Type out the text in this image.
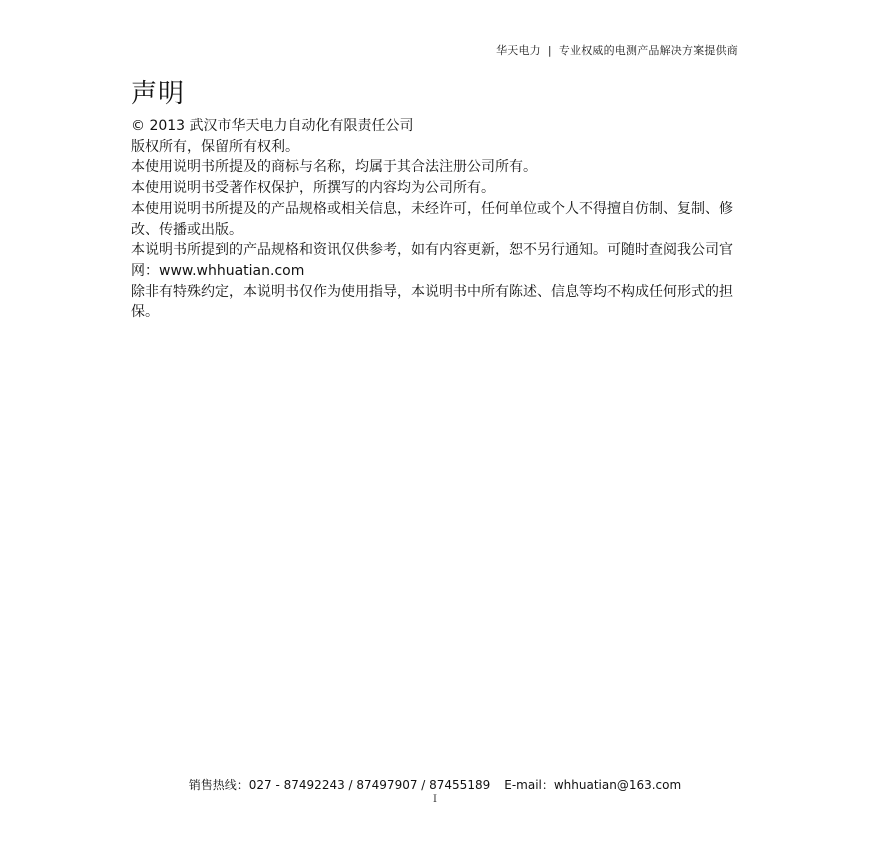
华天电力 | 专业权威的电测产品解决方案提供商
声明

© 2013 武汉市华天电力自动化有限责任公司

版权所有，保留所有权利。

本使用说明书所提及的商标与名称，均属于其合法注册公司所有。

本使用说明书受著作权保护，所撰写的内容均为公司所有。

本使用说明书所提及的产品规格或相关信息，未经许可，任何单位或个人不得擅自仿制、复制、修改、传播或出版。

本说明书所提到的产品规格和资讯仅供参考，如有内容更新，恕不另行通知。可随时查阅我公司官网：www.whhuatian.com

除非有特殊约定，本说明书仅作为使用指导，本说明书中所有陈述、信息等均不构成任何形式的担保。

销售热线：027 - 87492243 / 87497907 / 87455189 E-mail：whhuatian@163.com
I
